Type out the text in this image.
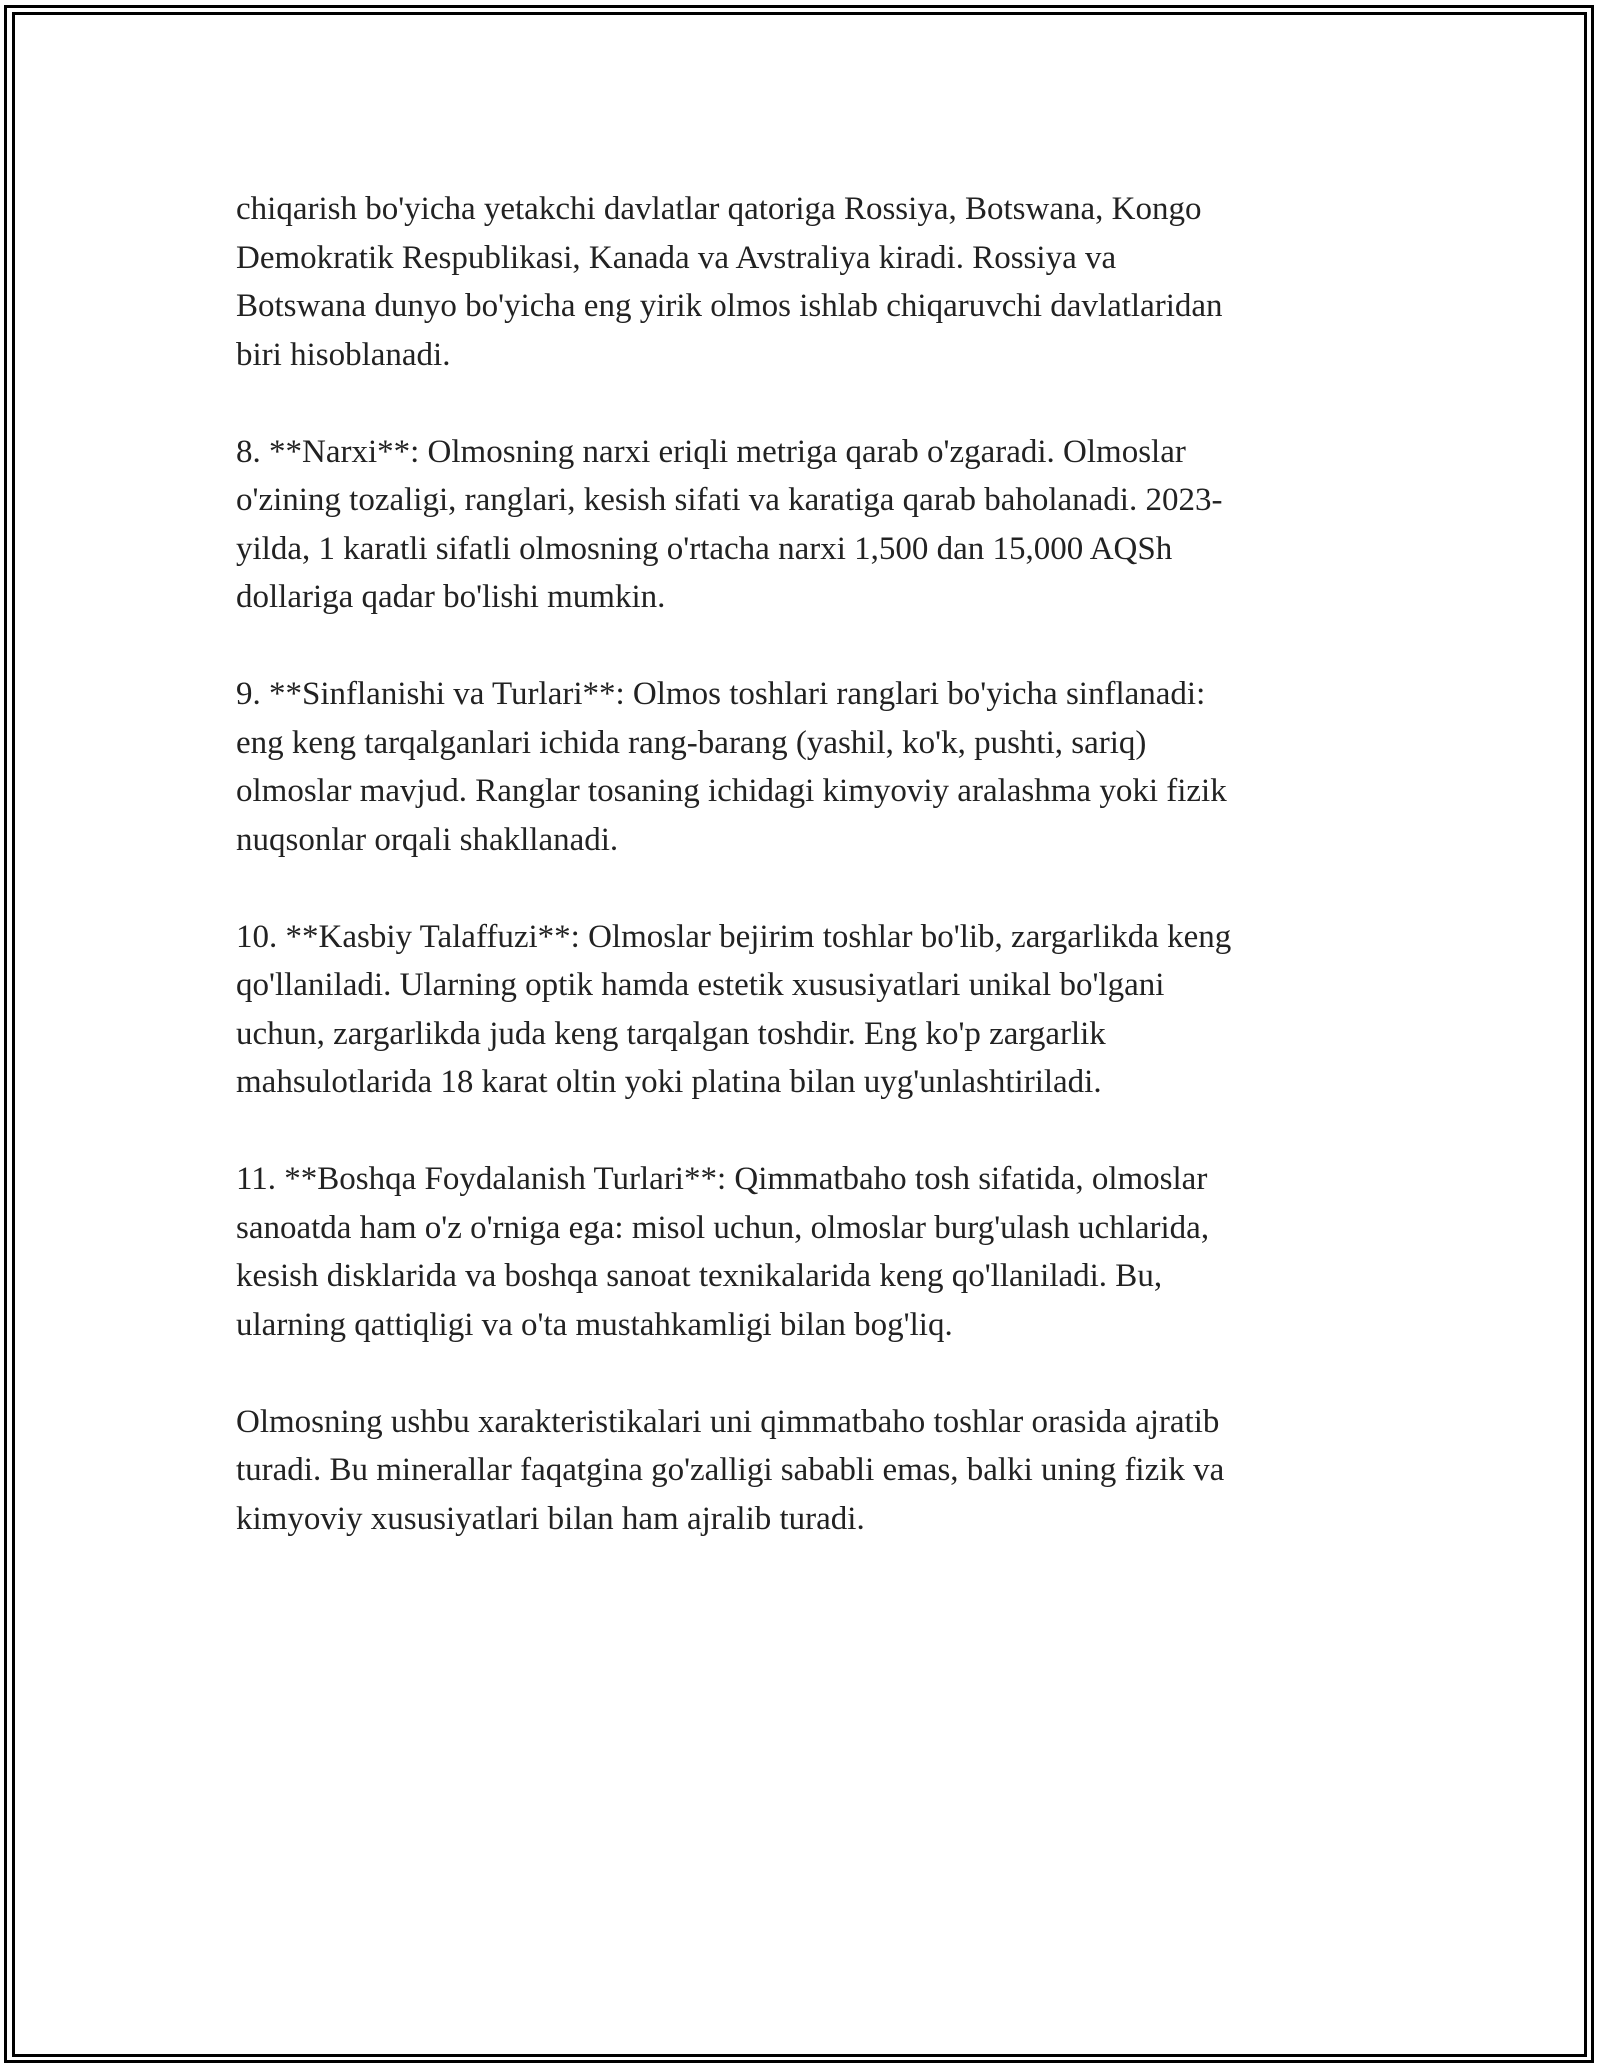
chiqarish bo'yicha yetakchi davlatlar qatoriga Rossiya, Botswana, Kongo
Demokratik Respublikasi, Kanada va Avstraliya kiradi. Rossiya va
Botswana dunyo bo'yicha eng yirik olmos ishlab chiqaruvchi davlatlaridan
biri hisoblanadi.

8. **Narxi**: Olmosning narxi eriqli metriga qarab o'zgaradi. Olmoslar
o'zining tozaligi, ranglari, kesish sifati va karatiga qarab baholanadi. 2023-
yilda, 1 karatli sifatli olmosning o'rtacha narxi 1,500 dan 15,000 AQSh
dollariga qadar bo'lishi mumkin.

9. **Sinflanishi va Turlari**: Olmos toshlari ranglari bo'yicha sinflanadi:
eng keng tarqalganlari ichida rang-barang (yashil, ko'k, pushti, sariq)
olmoslar mavjud. Ranglar tosaning ichidagi kimyoviy aralashma yoki fizik
nuqsonlar orqali shakllanadi.

10. **Kasbiy Talaffuzi**: Olmoslar bejirim toshlar bo'lib, zargarlikda keng
qo'llaniladi. Ularning optik hamda estetik xususiyatlari unikal bo'lgani
uchun, zargarlikda juda keng tarqalgan toshdir. Eng ko'p zargarlik
mahsulotlarida 18 karat oltin yoki platina bilan uyg'unlashtiriladi.

11. **Boshqa Foydalanish Turlari**: Qimmatbaho tosh sifatida, olmoslar
sanoatda ham o'z o'rniga ega: misol uchun, olmoslar burg'ulash uchlarida,
kesish disklarida va boshqa sanoat texnikalarida keng qo'llaniladi. Bu,
ularning qattiqligi va o'ta mustahkamligi bilan bog'liq.

Olmosning ushbu xarakteristikalari uni qimmatbaho toshlar orasida ajratib
turadi. Bu minerallar faqatgina go'zalligi sababli emas, balki uning fizik va
kimyoviy xususiyatlari bilan ham ajralib turadi.
